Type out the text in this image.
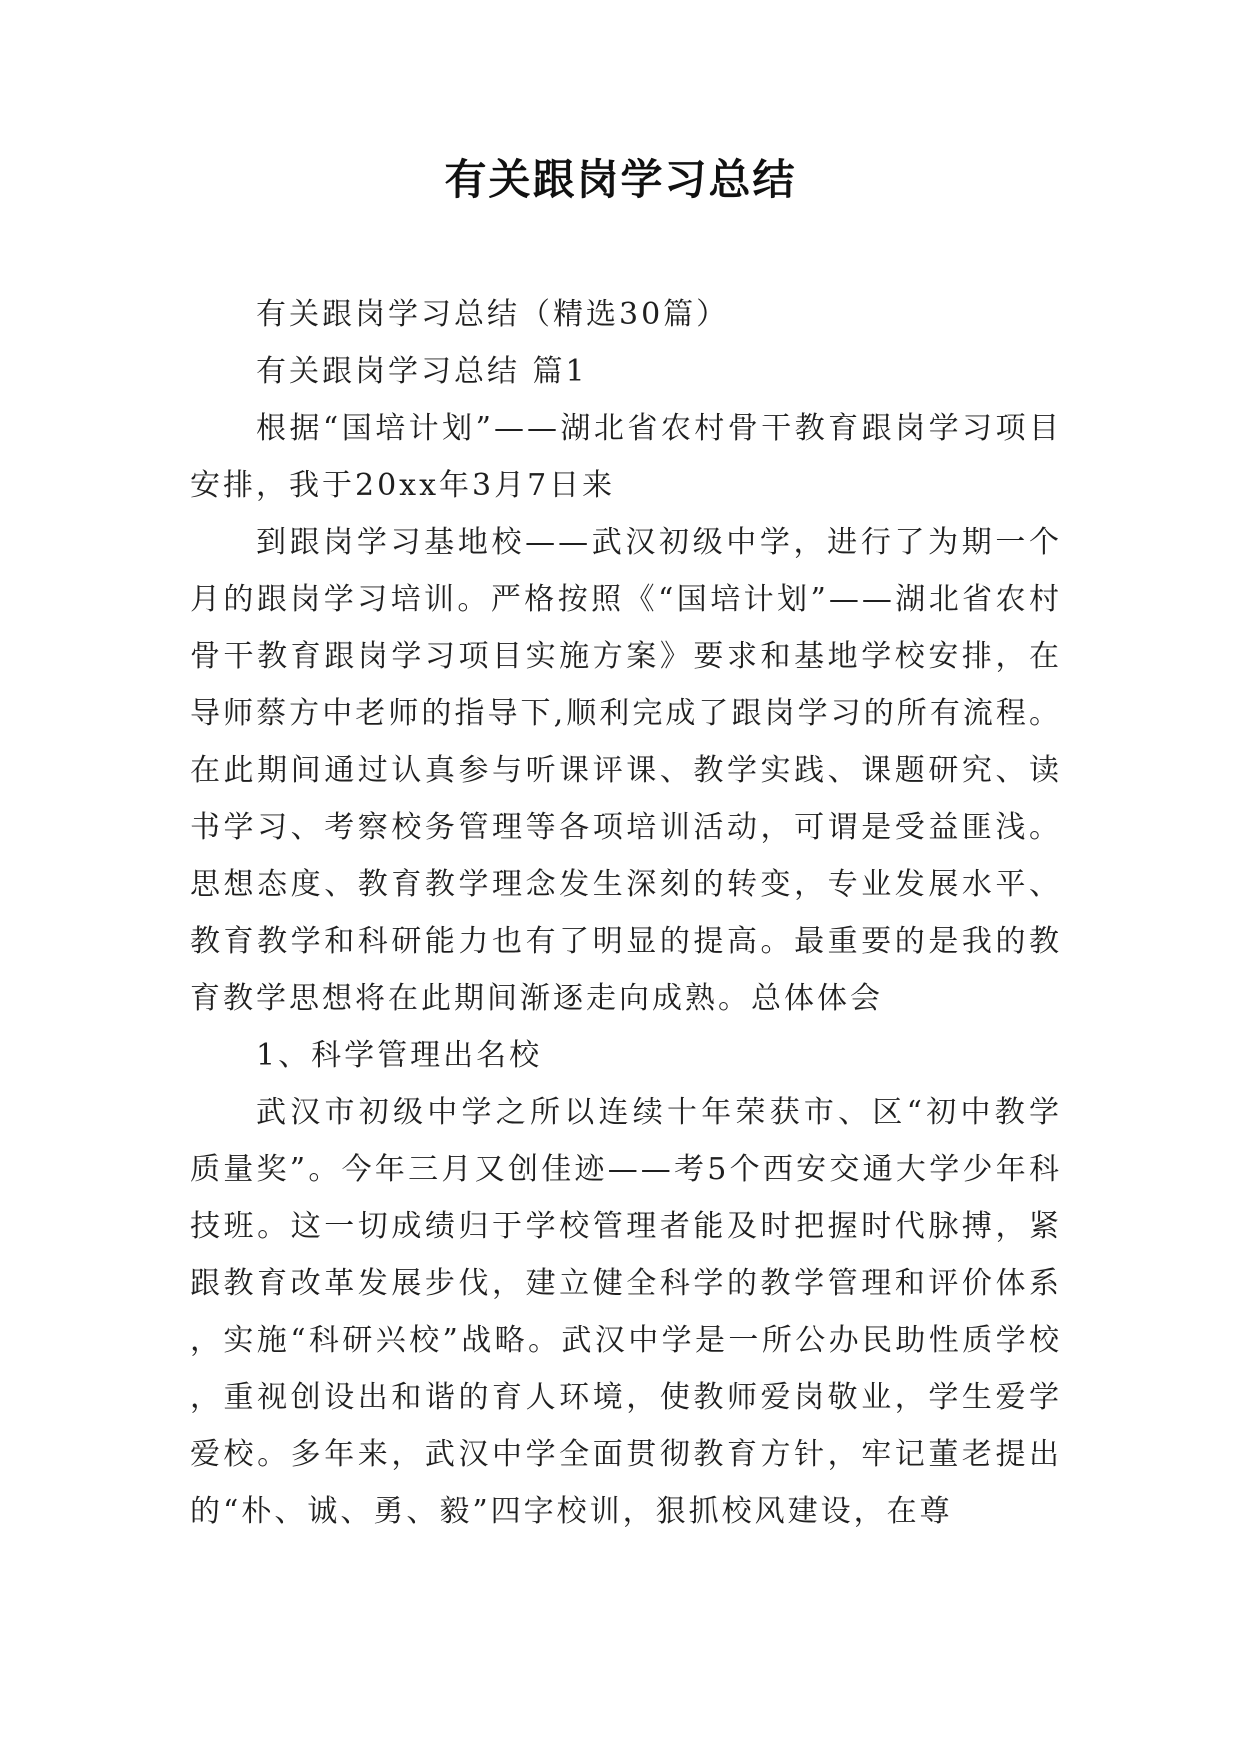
有关跟岗学习总结

有关跟岗学习总结（精选30篇）

有关跟岗学习总结 篇1

根据“国培计划”——湖北省农村骨干教育跟岗学习项目安排，我于20xx年3月7日来

到跟岗学习基地校——武汉初级中学，进行了为期一个月的跟岗学习培训。严格按照《“国培计划”——湖北省农村骨干教育跟岗学习项目实施方案》要求和基地学校安排，在导师蔡方中老师的指导下,顺利完成了跟岗学习的所有流程。在此期间通过认真参与听课评课、教学实践、课题研究、读书学习、考察校务管理等各项培训活动，可谓是受益匪浅。思想态度、教育教学理念发生深刻的转变，专业发展水平、教育教学和科研能力也有了明显的提高。最重要的是我的教育教学思想将在此期间渐逐走向成熟。总体体会

1、科学管理出名校

武汉市初级中学之所以连续十年荣获市、区“初中教学质量奖”。今年三月又创佳迹——考5个西安交通大学少年科技班。这一切成绩归于学校管理者能及时把握时代脉搏，紧跟教育改革发展步伐，建立健全科学的教学管理和评价体系，实施“科研兴校”战略。武汉中学是一所公办民助性质学校，重视创设出和谐的育人环境，使教师爱岗敬业，学生爱学爱校。多年来，武汉中学全面贯彻教育方针，牢记董老提出的“朴、诚、勇、毅”四字校训，狠抓校风建设，在尊
